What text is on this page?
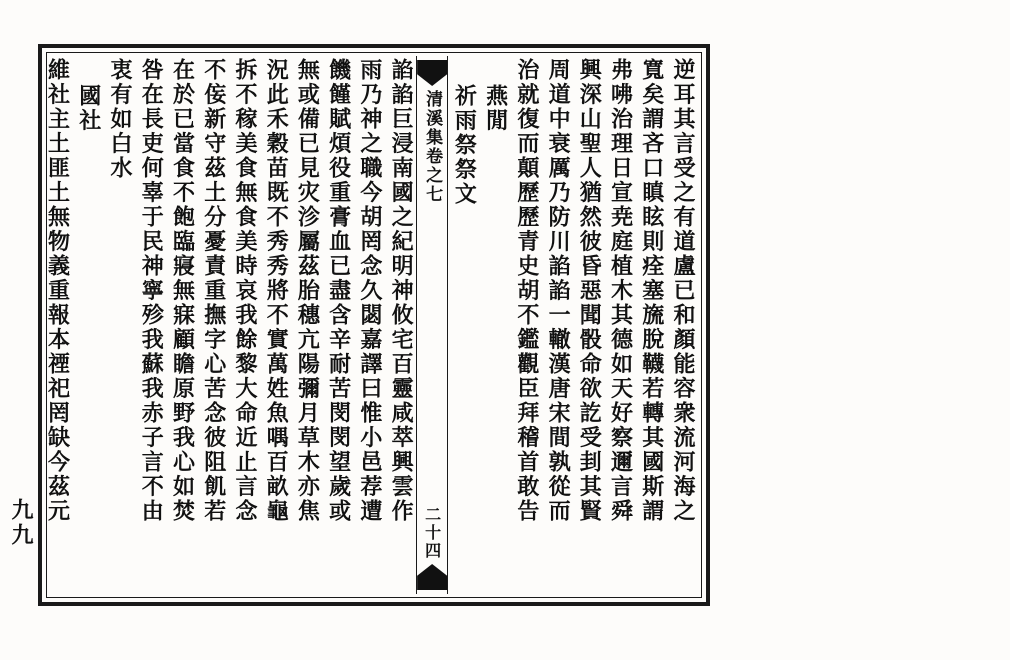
逆耳其言受之有道盧已和顏能容衆流河海之
寬矣謂吝口瞋眩則痊塞旒脫韈若轉其國斯謂
弗咈治理日宣尭庭植木其德如天好察邇言舜
興深山聖人猶然彼昏惡聞骰命欲訖受刲其賢
周道中衰厲乃防川諂諂一轍漢唐宋間孰從而
治就復而顛歷歷青史胡不鑑觀臣拜稽首敢告
燕閒
祈雨祭祭文
清溪集卷之七
二十四
諂諂巨浸南國之紀明神攸宅百靈咸萃興雲作
雨乃神之職今胡罔念久閟嘉譯曰惟小邑荐遭
饑饉賦煩役重膏血已盡含辛耐苦閔閔望歲或
無或備已見灾沴屬茲胎穗亢陽彌月草木亦焦
況此禾穀苗既不秀秀將不實萬姓魚喁百畝龜
拆不稼美食無食美時哀我餘黎大命近止言念
不侫新守茲土分憂責重撫字心苦念彼阻飢若
在於已當食不飽臨寢無寐顧瞻原野我心如焚
咎在長吏何辜于民神寧殄我蘇我赤子言不由
衷有如白水
國社
維社主土匪土無物義重報本禋祀罔缺今茲元
九九
